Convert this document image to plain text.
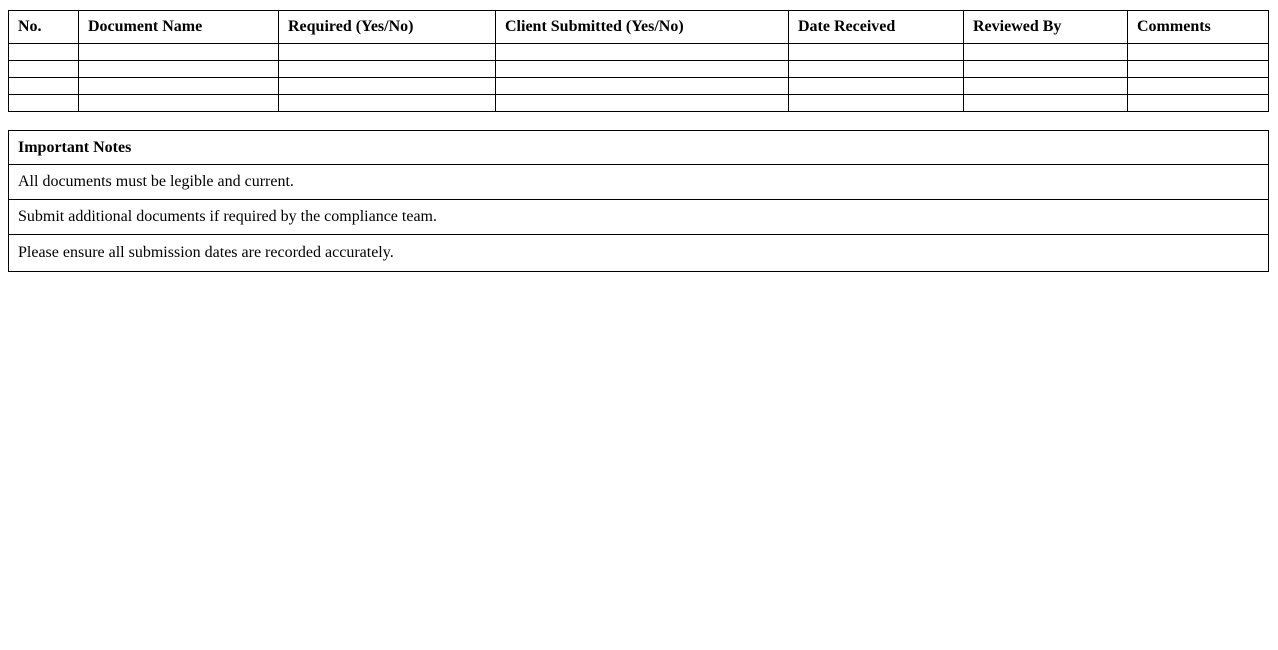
No.	Document Name	Required (Yes/No)	Client Submitted (Yes/No)	Date Received	Reviewed By	Comments

Important Notes
All documents must be legible and current.
Submit additional documents if required by the compliance team.
Please ensure all submission dates are recorded accurately.
